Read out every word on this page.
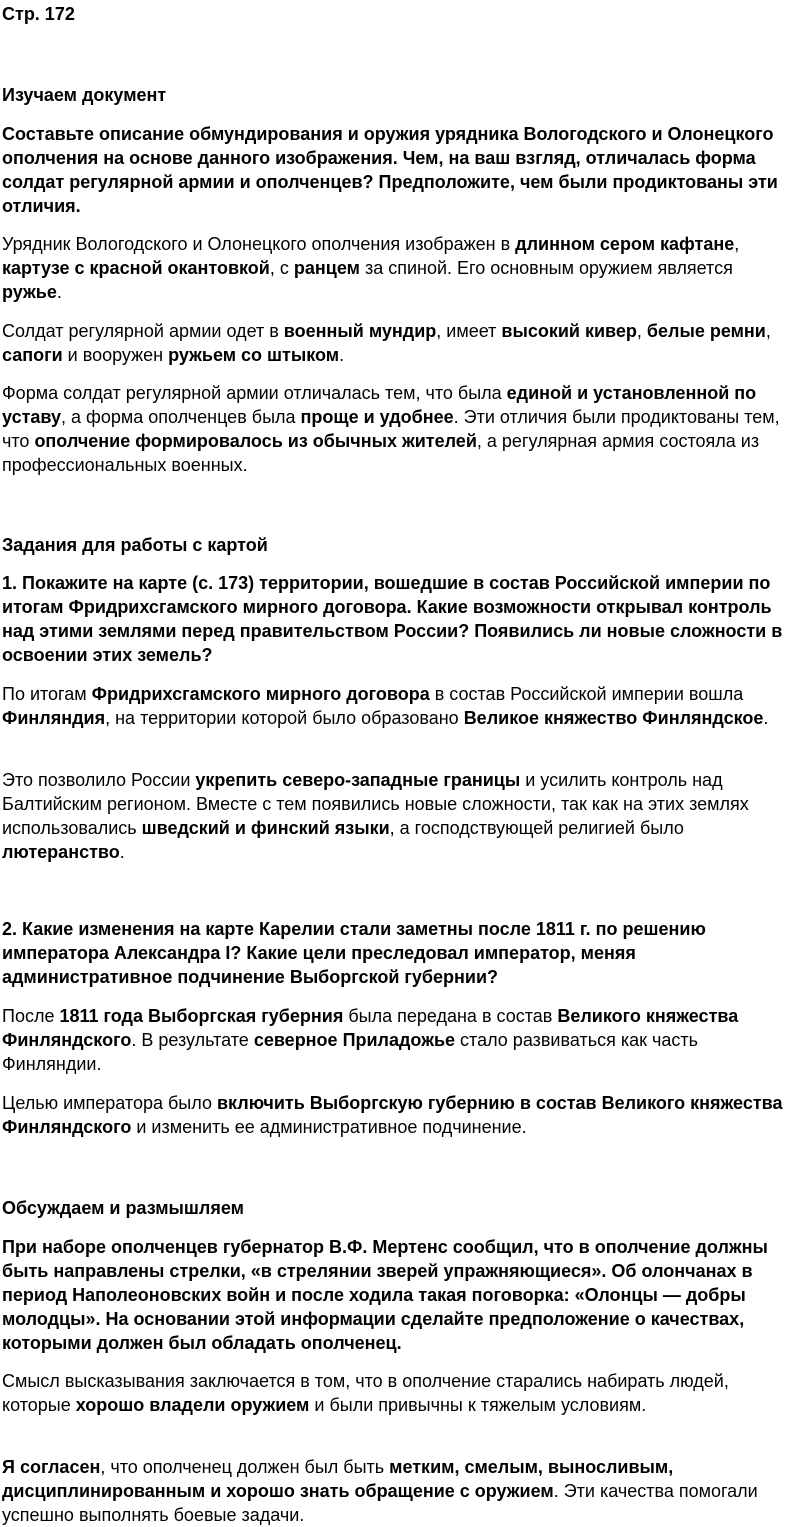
Стр. 172
Изучаем документ

Составьте описание обмундирования и оружия урядника Вологодского и Олонецкого ополчения на основе данного изображения. Чем, на ваш взгляд, отличалась форма солдат регулярной армии и ополченцев? Предположите, чем были продиктованы эти отличия.

Урядник Вологодского и Олонецкого ополчения изображен в длинном сером кафтане, картузе с красной окантовкой, с ранцем за спиной. Его основным оружием является ружье.

Солдат регулярной армии одет в военный мундир, имеет высокий кивер, белые ремни, сапоги и вооружен ружьем со штыком.

Форма солдат регулярной армии отличалась тем, что была единой и установленной по уставу, а форма ополченцев была проще и удобнее. Эти отличия были продиктованы тем, что ополчение формировалось из обычных жителей, а регулярная армия состояла из профессиональных военных.

Задания для работы с картой

1. Покажите на карте (с. 173) территории, вошедшие в состав Российской империи по итогам Фридрихсгамского мирного договора. Какие возможности открывал контроль над этими землями перед правительством России? Появились ли новые сложности в освоении этих земель?

По итогам Фридрихсгамского мирного договора в состав Российской империи вошла Финляндия, на территории которой было образовано Великое княжество Финляндское.

Это позволило России укрепить северо-западные границы и усилить контроль над Балтийским регионом. Вместе с тем появились новые сложности, так как на этих землях использовались шведский и финский языки, а господствующей религией было лютеранство.

2. Какие изменения на карте Карелии стали заметны после 1811 г. по решению императора Александра I? Какие цели преследовал император, меняя административное подчинение Выборгской губернии?

После 1811 года Выборгская губерния была передана в состав Великого княжества Финляндского. В результате северное Приладожье стало развиваться как часть Финляндии.

Целью императора было включить Выборгскую губернию в состав Великого княжества Финляндского и изменить ее административное подчинение.

Обсуждаем и размышляем

При наборе ополченцев губернатор В.Ф. Мертенс сообщил, что в ополчение должны быть направлены стрелки, «в стрелянии зверей упражняющиеся». Об олончанах в период Наполеоновских войн и после ходила такая поговорка: «Олонцы — добры молодцы». На основании этой информации сделайте предположение о качествах, которыми должен был обладать ополченец.

Смысл высказывания заключается в том, что в ополчение старались набирать людей, которые хорошо владели оружием и были привычны к тяжелым условиям.

Я согласен, что ополченец должен был быть метким, смелым, выносливым, дисциплинированным и хорошо знать обращение с оружием. Эти качества помогали успешно выполнять боевые задачи.
